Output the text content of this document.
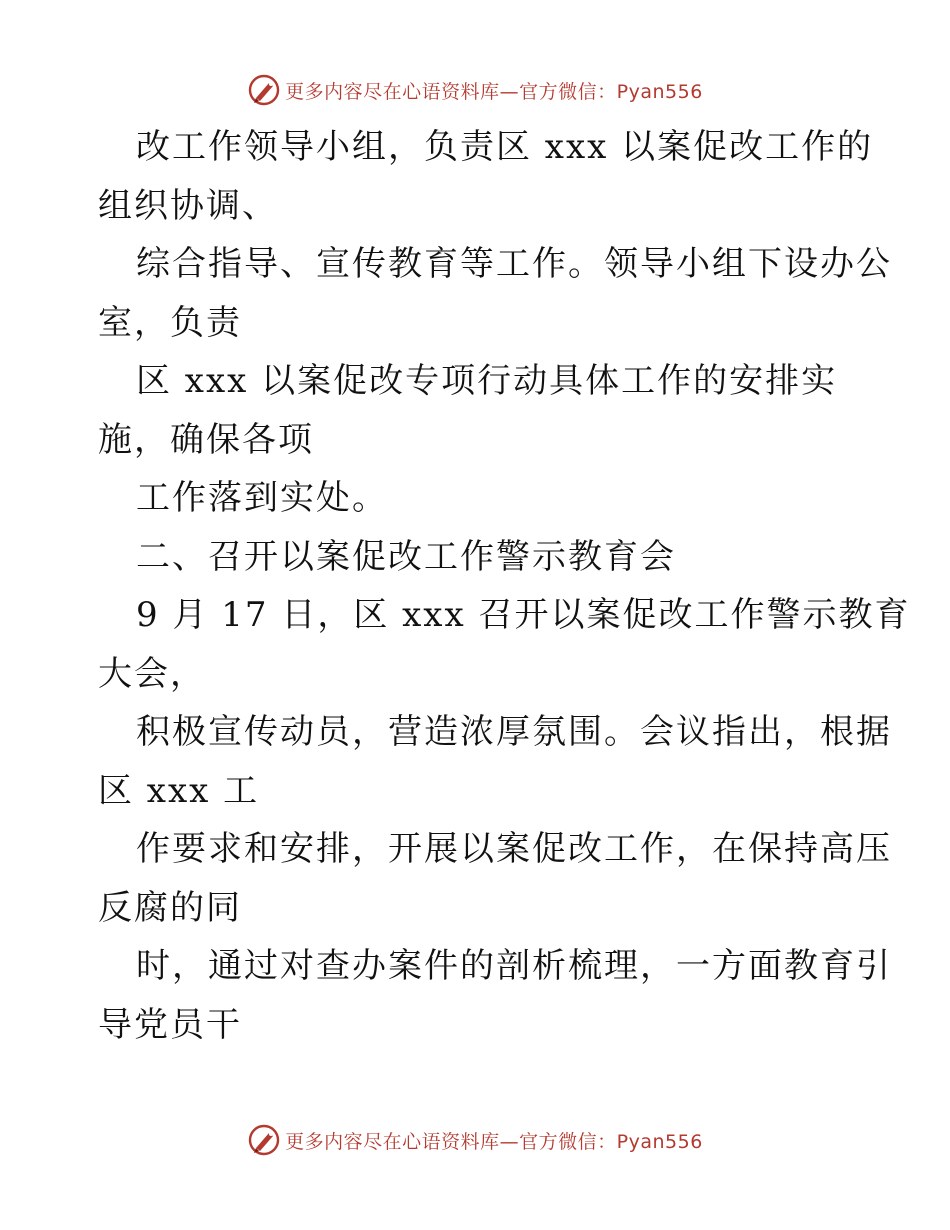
更多内容尽在心语资料库—官方微信：Pyan556
改工作领导小组，负责区 xxx 以案促改工作的
组织协调、
综合指导、宣传教育等工作。领导小组下设办公
室，负责
区 xxx 以案促改专项行动具体工作的安排实
施，确保各项
工作落到实处。
二、召开以案促改工作警示教育会
9 月 17 日，区 xxx 召开以案促改工作警示教育
大会，
积极宣传动员，营造浓厚氛围。会议指出，根据
区 xxx 工
作要求和安排，开展以案促改工作，在保持高压
反腐的同
时，通过对查办案件的剖析梳理，一方面教育引
导党员干
更多内容尽在心语资料库—官方微信：Pyan556
